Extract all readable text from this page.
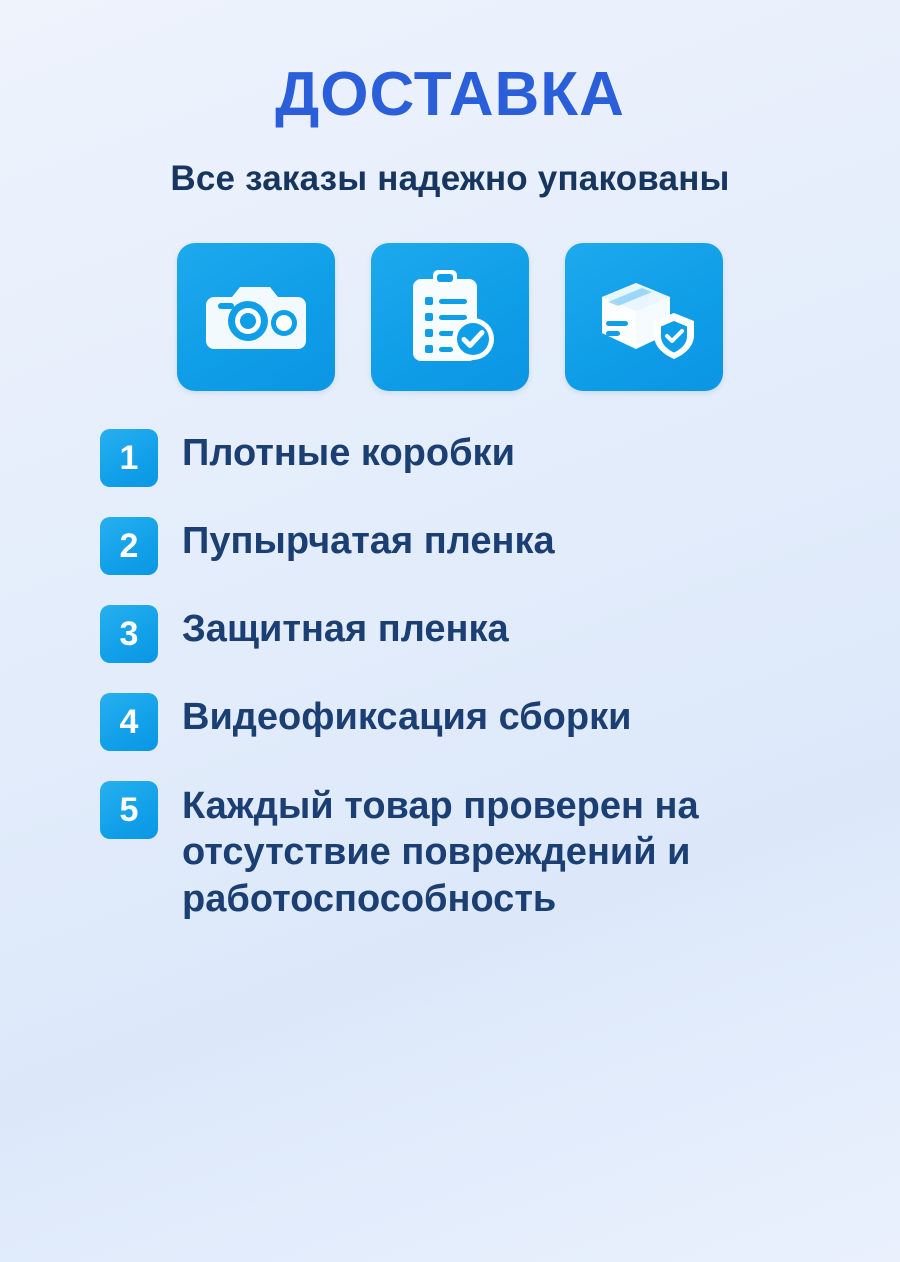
ДОСТАВКА
Все заказы надежно упакованы
1	Плотные коробки
2	Пупырчатая пленка
3	Защитная пленка
4	Видеофиксация сборки
5	Каждый товар проверен на отсутствие повреждений и работоспособность
